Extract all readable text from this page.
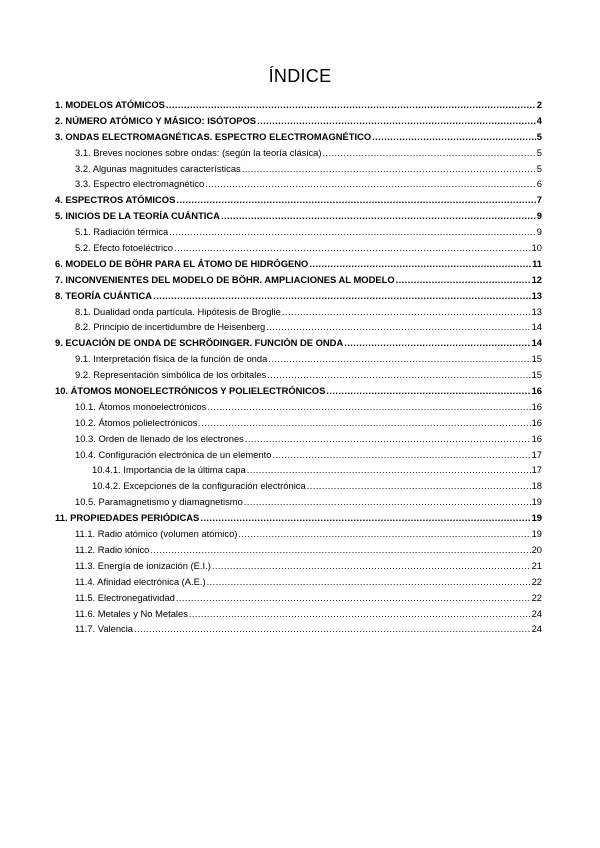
ÍNDICE
1. MODELOS ATÓMICOS .....	2
2. NÚMERO ATÓMICO Y MÁSICO: ISÓTOPOS .....	4
3. ONDAS ELECTROMAGNÉTICAS. ESPECTRO ELECTROMAGNÉTICO .....	5
3.1. Breves nociones sobre ondas: (según la teoría clásica) .....	5
3.2. Algunas magnitudes características .....	5
3.3. Espectro electromagnético .....	6
4. ESPECTROS ATÓMICOS .....	7
5. INICIOS DE LA TEORÍA CUÁNTICA .....	9
5.1. Radiación térmica .....	9
5.2. Efecto fotoeléctrico .....	10
6. MODELO DE BÖHR PARA EL ÁTOMO DE HIDRÓGENO .....	11
7. INCONVENIENTES DEL MODELO DE BÖHR. AMPLIACIONES AL MODELO .....	12
8. TEORÍA CUÁNTICA .....	13
8.1. Dualidad onda partícula. Hipótesis de Broglie .....	13
8.2. Principio de incertidumbre de Heisenberg .....	14
9. ECUACIÓN DE ONDA DE SCHRÖDINGER. FUNCIÓN DE ONDA .....	14
9.1. Interpretación física de la función de onda .....	15
9.2. Representación simbólica de los orbitales .....	15
10. ÁTOMOS MONOELECTRÓNICOS Y POLIELECTRÓNICOS .....	16
10.1. Átomos monoelectrónicos .....	16
10.2. Átomos polielectrónicos .....	16
10.3. Orden de llenado de los electrones .....	16
10.4. Configuración electrónica de un elemento .....	17
10.4.1. Importancia de la última capa .....	17
10.4.2. Excepciones de la configuración electrónica .....	18
10.5. Paramagnetismo y diamagnetismo .....	19
11. PROPIEDADES PERIÓDICAS .....	19
11.1. Radio atómico (volumen atómico) .....	19
11.2. Radio iónico .....	20
11.3. Energía de ionización (E.I.) .....	21
11.4. Afinidad electrónica (A.E.) .....	22
11.5. Electronegatividad .....	22
11.6. Metales y No Metales .....	24
11.7. Valencia .....	24
